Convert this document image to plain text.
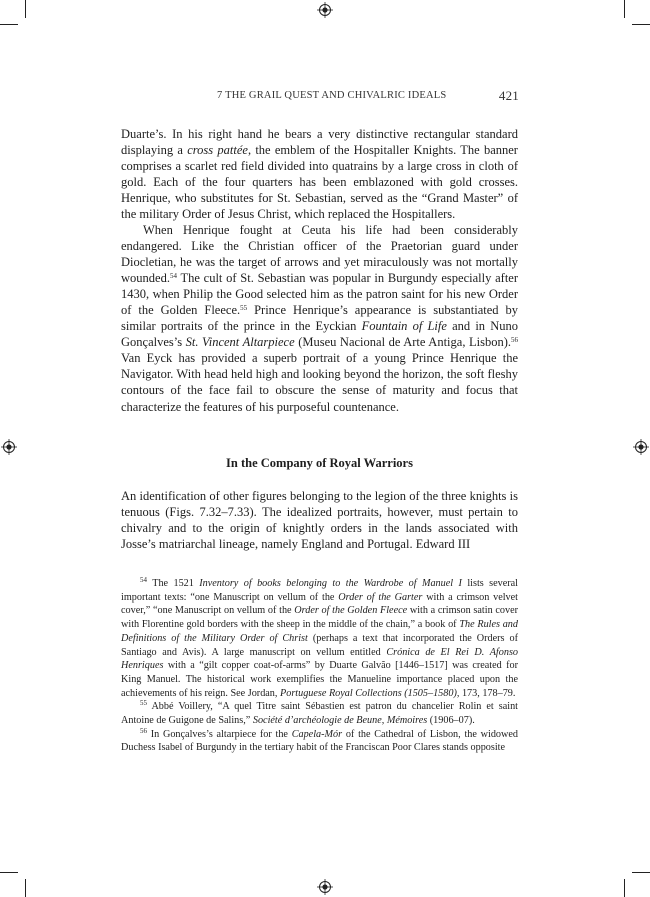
7 THE GRAIL QUEST AND CHIVALRIC IDEALS	421

Duarte’s. In his right hand he bears a very distinctive rectangular standard displaying a cross pattée, the emblem of the Hospitaller Knights. The banner comprises a scarlet red field divided into quatrains by a large cross in cloth of gold. Each of the four quarters has been emblazoned with gold crosses. Henrique, who substitutes for St. Sebastian, served as the “Grand Master” of the military Order of Jesus Christ, which replaced the Hospitallers.

When Henrique fought at Ceuta his life had been considerably endangered. Like the Christian officer of the Praetorian guard under Diocletian, he was the target of arrows and yet miraculously was not mortally wounded.$^{54}$ The cult of St. Sebastian was popular in Burgundy especially after 1430, when Philip the Good selected him as the patron saint for his new Order of the Golden Fleece.$^{55}$ Prince Henrique’s appearance is substantiated by similar portraits of the prince in the Eyckian Fountain of Life and in Nuno Gonçalves’s St. Vincent Altarpiece (Museu Nacional de Arte Antiga, Lisbon).$^{56}$ Van Eyck has provided a superb portrait of a young Prince Henrique the Navigator. With head held high and looking beyond the horizon, the soft fleshy contours of the face fail to obscure the sense of maturity and focus that characterize the features of his purposeful countenance.

In the Company of Royal Warriors

An identification of other figures belonging to the legion of the three knights is tenuous (Figs. 7.32–7.33). The idealized portraits, however, must pertain to chivalry and to the origin of knightly orders in the lands associated with Josse’s matriarchal lineage, namely England and Portugal. Edward III

$^{54}$ The 1521 Inventory of books belonging to the Wardrobe of Manuel I lists several important texts: “one Manuscript on vellum of the Order of the Garter with a crimson velvet cover,” “one Manuscript on vellum of the Order of the Golden Fleece with a crimson satin cover with Florentine gold borders with the sheep in the middle of the chain,” a book of The Rules and Definitions of the Military Order of Christ (perhaps a text that incorporated the Orders of Santiago and Avis). A large manuscript on vellum entitled Crónica de El Rei D. Afonso Henriques with a “gilt copper coat-of-arms” by Duarte Galvão [1446–1517] was created for King Manuel. The historical work exemplifies the Manueline importance placed upon the achievements of his reign. See Jordan, Portuguese Royal Collections (1505–1580), 173, 178–79.

$^{55}$ Abbé Voillery, “A quel Titre saint Sébastien est patron du chancelier Rolin et saint Antoine de Guigone de Salins,” Société d’archéologie de Beune, Mémoires (1906–07).

$^{56}$ In Gonçalves’s altarpiece for the Capela-Mór of the Cathedral of Lisbon, the widowed Duchess Isabel of Burgundy in the tertiary habit of the Franciscan Poor Clares stands opposite
